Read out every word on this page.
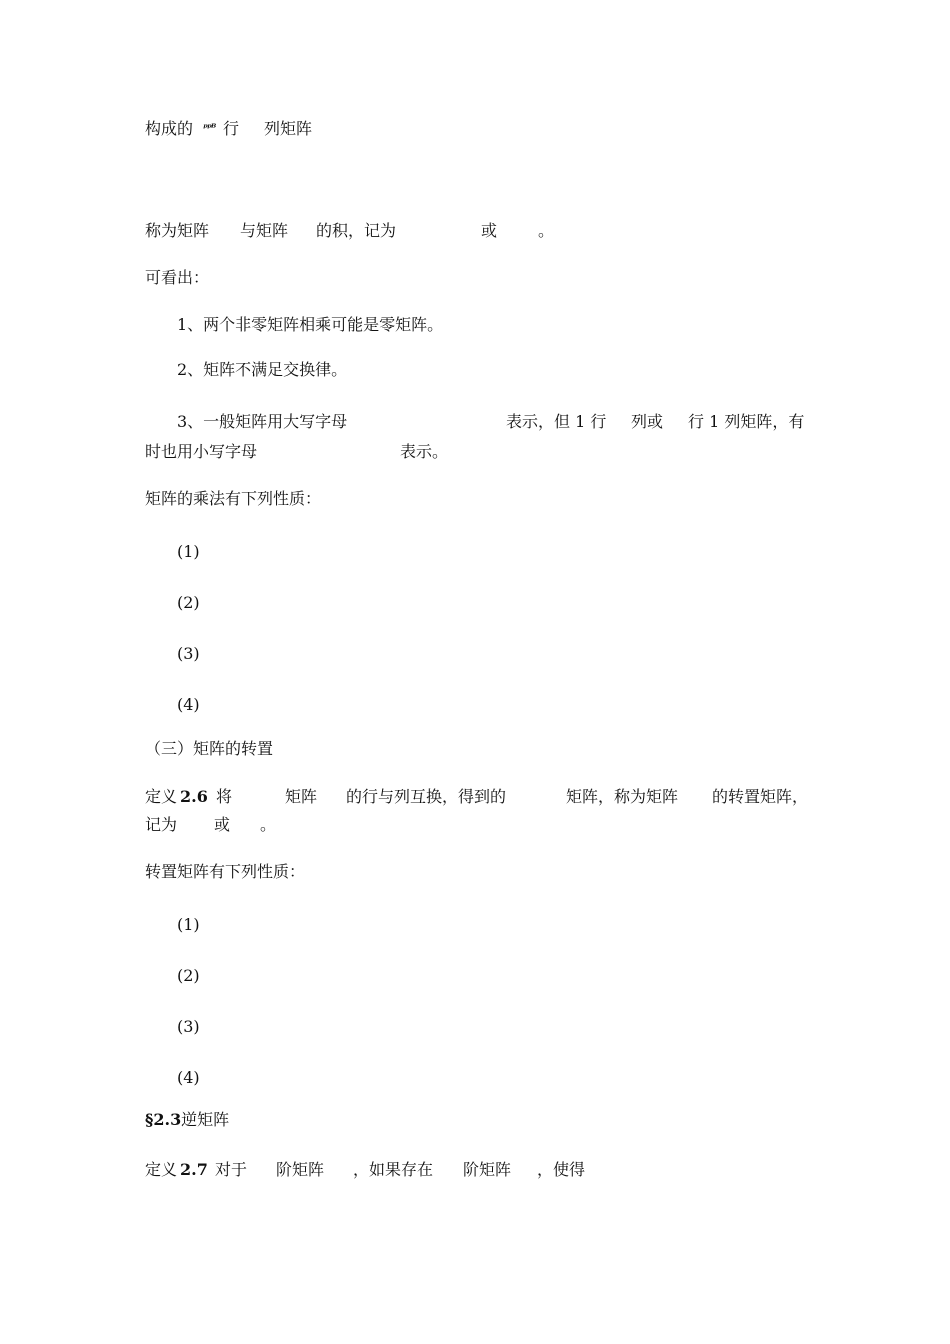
构成的 ᵖᵖᴮ 行 列矩阵
称为矩阵 与矩阵 的积，记为	或	。
可看出：
1、两个非零矩阵相乘可能是零矩阵。
2、矩阵不满足交换律。
3、一般矩阵用大写字母	表示，但 1 行 列或 行 1 列矩阵，有
时也用小写字母	表示。
矩阵的乘法有下列性质：
(1)
(2)
(3)
(4)
（三）矩阵的转置
定义
2.6 将	矩阵 的行与列互换，得到的	矩阵，称为矩阵 的转置矩阵，
记为 或 。
转置矩阵有下列性质：
(1)
(2)
(3)
(4)
§2.3
逆矩阵
定义
2.7 对于 阶矩阵 ，如果存在 阶矩阵 ，使得
